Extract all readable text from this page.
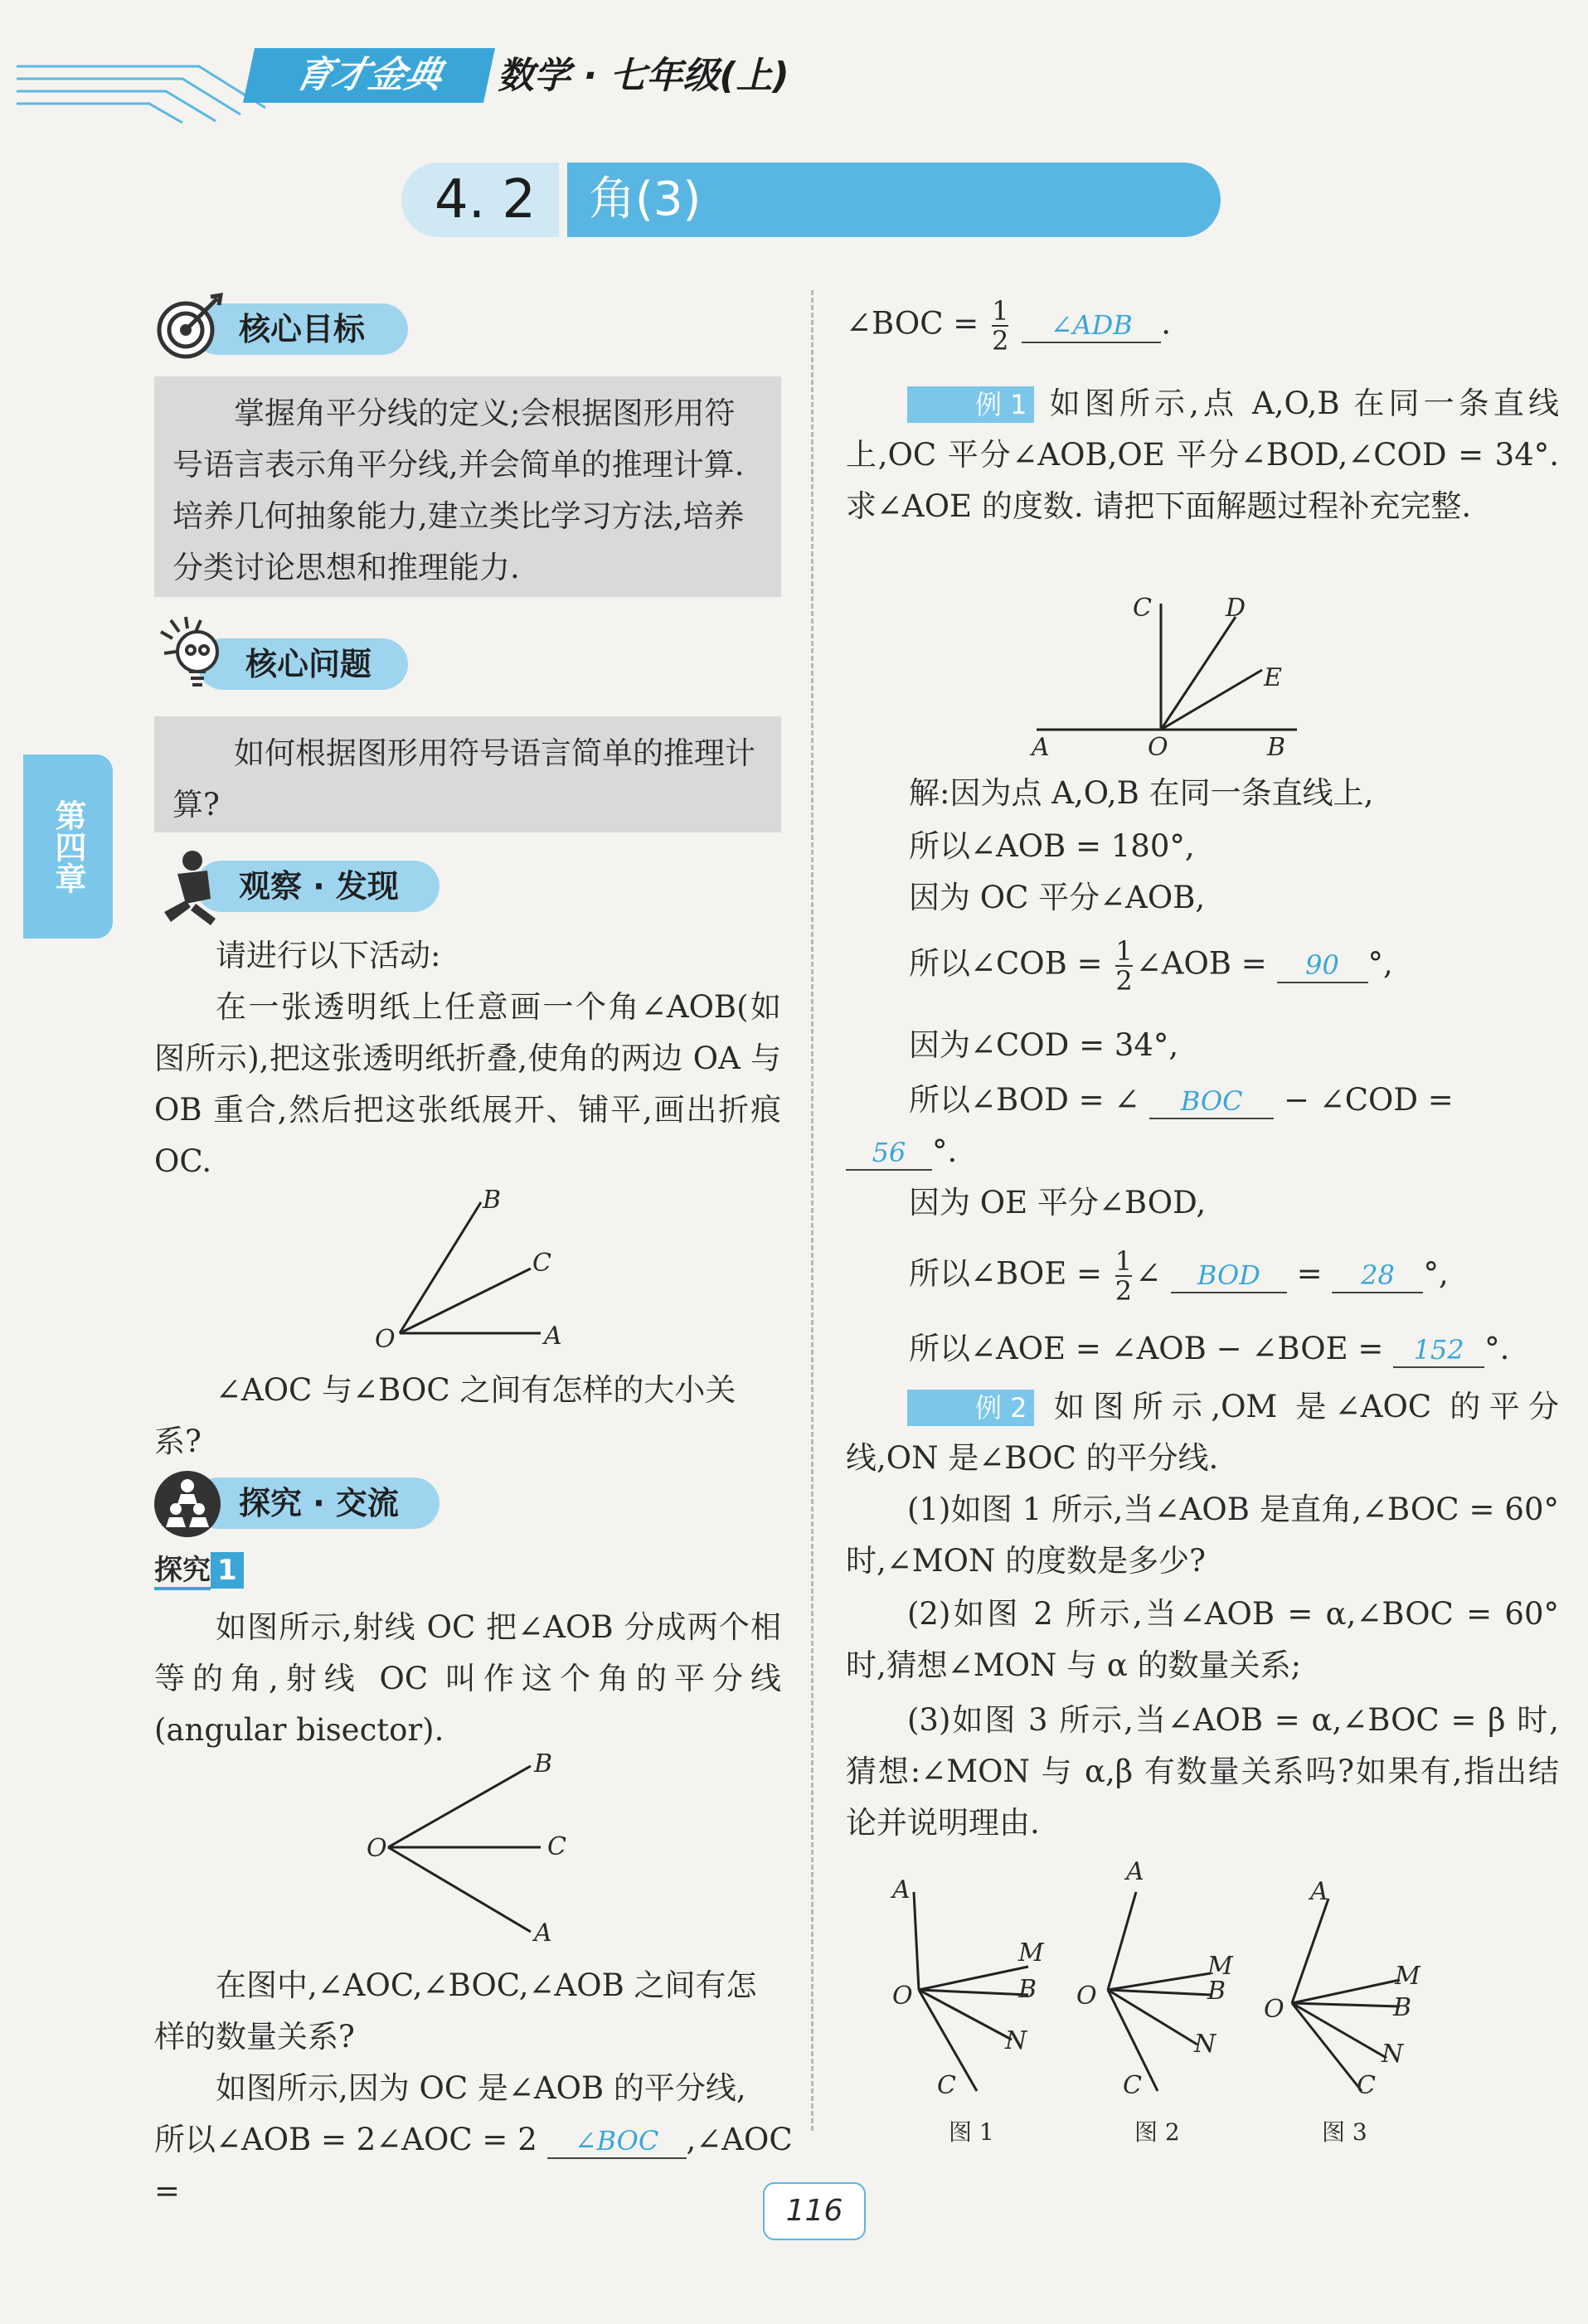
育才金典	数学 · 七年级(上)
4. 2 角(3)
第四章
核心目标
掌握角平分线的定义;会根据图形用符号语言表示角平分线,并会简单的推理计算. 培养几何抽象能力,建立类比学习方法,培养分类讨论思想和推理能力.
核心问题
如何根据图形用符号语言简单的推理计算?
观察 · 发现
请进行以下活动:
在一张透明纸上任意画一个角∠AOB(如图所示),把这张透明纸折叠,使角的两边 OA 与 OB 重合,然后把这张纸展开、铺平,画出折痕 OC.
B
C
O	A
∠AOC 与∠BOC 之间有怎样的大小关系?
探究 · 交流
探究 1
如图所示,射线 OC 把∠AOB 分成两个相等的角,射线 OC 叫作这个角的平分线(angular bisector).
B
O	C
A
在图中,∠AOC,∠BOC,∠AOB 之间有怎样的数量关系?
如图所示,因为 OC 是∠AOB 的平分线,
所以∠AOB = 2∠AOC = 2 ∠BOC ,∠AOC =
∠BOC = $\frac{1}{2}$ ∠ADB .
例 1 如图所示,点 A,O,B 在同一条直线上,OC 平分∠AOB,OE 平分∠BOD,∠COD = 34°. 求∠AOE 的度数. 请把下面解题过程补充完整.
C	D
E
A	O	B
解:因为点 A,O,B 在同一条直线上,
所以∠AOB = 180°,
因为 OC 平分∠AOB,
所以∠COB = $\frac{1}{2}$ ∠AOB = 90 °,
因为∠COD = 34°,
所以∠BOD = ∠ BOC − ∠COD =
56 °.
因为 OE 平分∠BOD,
所以∠BOE = $\frac{1}{2}$ ∠ BOD = 28 °,
所以∠AOE = ∠AOB − ∠BOE = 152 °.
例 2 如图所示,OM 是∠AOC 的平分线,ON 是∠BOC 的平分线.
(1)如图 1 所示,当∠AOB 是直角,∠BOC = 60°时,∠MON 的度数是多少?
(2)如图 2 所示,当∠AOB = α,∠BOC = 60°时,猜想∠MON 与 α 的数量关系;
(3)如图 3 所示,当∠AOB = α,∠BOC = β 时,猜想:∠MON 与 α,β 有数量关系吗?如果有,指出结论并说明理由.
A
M
B
O
N
C
A
M
B
O
N
C
A
M
B
O
N
C
图 1	图 2	图 3
116
